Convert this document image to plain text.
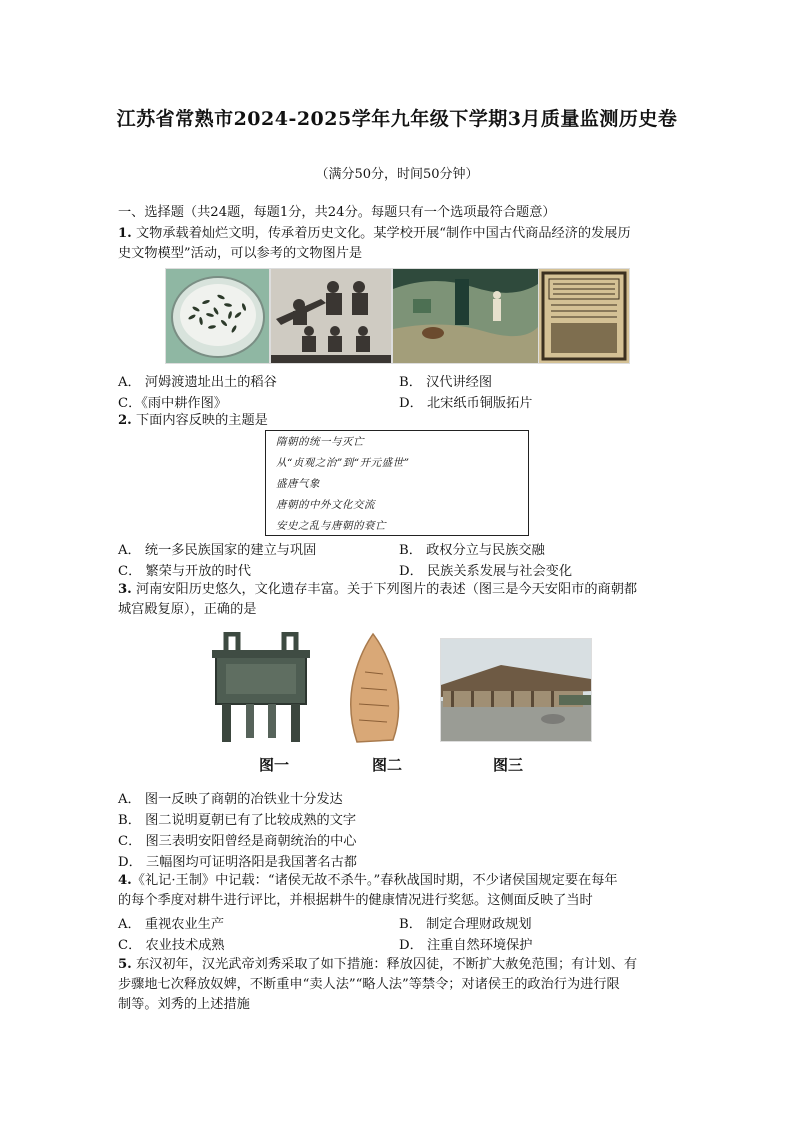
江苏省常熟市2024-2025学年九年级下学期3月质量监测历史卷
（满分50分，时间50分钟）
一、选择题（共24题，每题1分，共24分。每题只有一个选项最符合题意）
1. 文物承载着灿烂文明，传承着历史文化。某学校开展“制作中国古代商品经济的发展历
史文物模型”活动，可以参考的文物图片是
A． 河姆渡遗址出土的稻谷	B． 汉代讲经图
C．《雨中耕作图》	D． 北宋纸币铜版拓片
2. 下面内容反映的主题是
隋朝的统一与灭亡
从“贞观之治”到“开元盛世”
盛唐气象
唐朝的中外文化交流
安史之乱与唐朝的衰亡
A． 统一多民族国家的建立与巩固	B． 政权分立与民族交融
C． 繁荣与开放的时代	D． 民族关系发展与社会变化
3. 河南安阳历史悠久，文化遗存丰富。关于下列图片的表述（图三是今天安阳市的商朝都
城宫殿复原），正确的是
图一	图二	图三
A． 图一反映了商朝的冶铁业十分发达
B． 图二说明夏朝已有了比较成熟的文字
C． 图三表明安阳曾经是商朝统治的中心
D． 三幅图均可证明洛阳是我国著名古都
4.《礼记·王制》中记载：“诸侯无故不杀牛。”春秋战国时期，不少诸侯国规定要在每年
的每个季度对耕牛进行评比，并根据耕牛的健康情况进行奖惩。这侧面反映了当时
A． 重视农业生产	B． 制定合理财政规划
C． 农业技术成熟	D． 注重自然环境保护
5. 东汉初年，汉光武帝刘秀采取了如下措施：释放囚徒，不断扩大赦免范围；有计划、有
步骤地七次释放奴婢，不断重申“卖人法”“略人法”等禁令；对诸侯王的政治行为进行限
制等。刘秀的上述措施
